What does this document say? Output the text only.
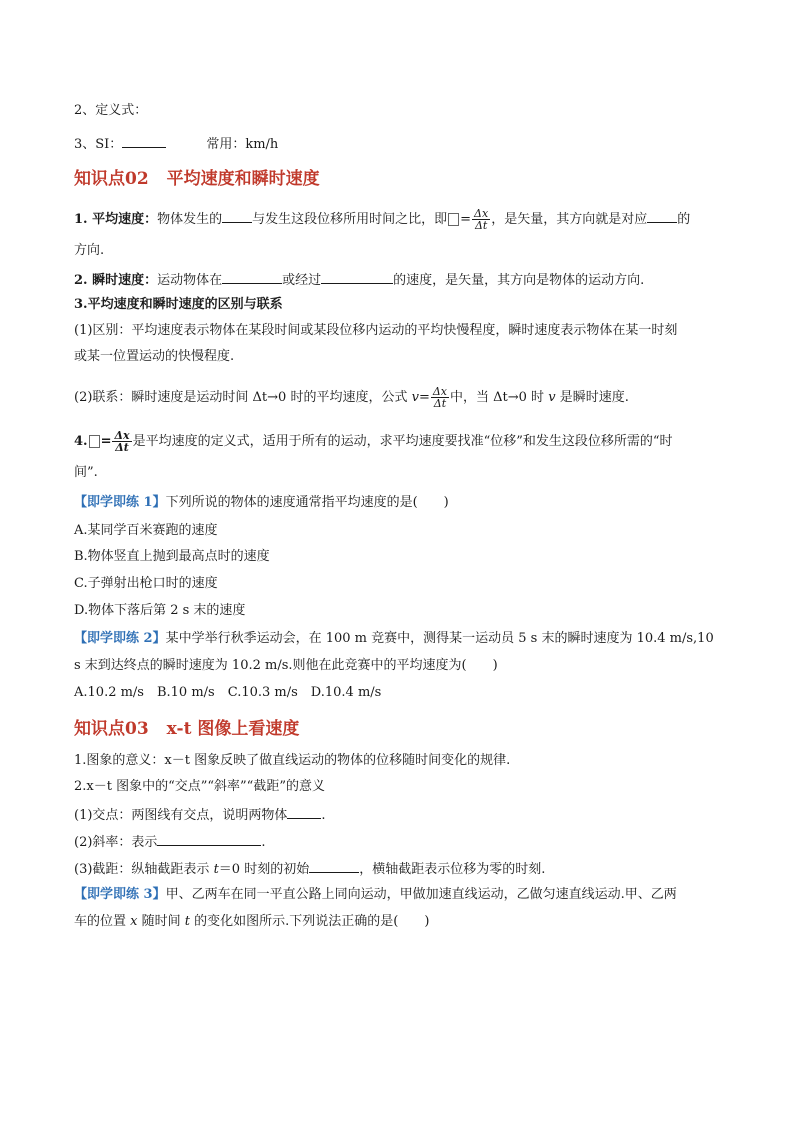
2、定义式：
3、SI：	常用：km/h
知识点02 平均速度和瞬时速度
1. 平均速度：物体发生的 与发生这段位移所用时间之比，即 = $\frac{\Delta x}{\Delta t}$ ，是矢量，其方向就是对应 的
方向.
2. 瞬时速度：运动物体在	或经过	的速度，是矢量，其方向是物体的运动方向.
3.平均速度和瞬时速度的区别与联系
(1)区别：平均速度表示物体在某段时间或某段位移内运动的平均快慢程度，瞬时速度表示物体在某一时刻
或某一位置运动的快慢程度.
(2)联系：瞬时速度是运动时间 Δt→0 时的平均速度，公式 $v= \frac{\Delta x}{\Delta t}$ 中，当 Δt→0 时 v 是瞬时速度.
4. = $\frac{\Delta x}{\Delta t}$ 是平均速度的定义式，适用于所有的运动，求平均速度要找准“位移”和发生这段位移所需的“时
间”.
【即学即练 1】下列所说的物体的速度通常指平均速度的是(　　)
A.某同学百米赛跑的速度
B.物体竖直上抛到最高点时的速度
C.子弹射出枪口时的速度
D.物体下落后第 2 s 末的速度
【即学即练 2】某中学举行秋季运动会，在 100 m 竞赛中，测得某一运动员 5 s 末的瞬时速度为 10.4 m/s,10
s 末到达终点的瞬时速度为 10.2 m/s.则他在此竞赛中的平均速度为(　　)
A.10.2 m/s　B.10 m/s　C.10.3 m/s　D.10.4 m/s
知识点03 x-t 图像上看速度
1.图象的意义：x－t 图象反映了做直线运动的物体的位移随时间变化的规律.
2.x－t 图象中的“交点”“斜率”“截距”的意义
(1)交点：两图线有交点，说明两物体	.
(2)斜率：表示	.
(3)截距：纵轴截距表示 t＝0 时刻的初始	，横轴截距表示位移为零的时刻.
【即学即练 3】甲、乙两车在同一平直公路上同向运动，甲做加速直线运动，乙做匀速直线运动.甲、乙两
车的位置 x 随时间 t 的变化如图所示.下列说法正确的是(　　)
